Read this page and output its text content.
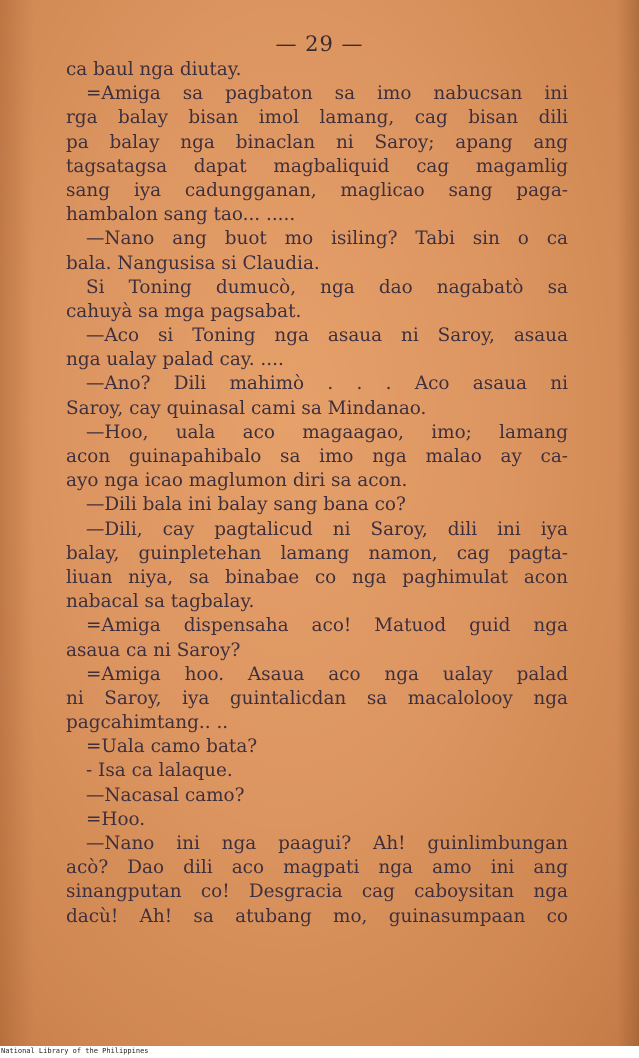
— 29 —
ca baul nga diutay.
=Amiga sa pagbaton sa imo nabucsan ini
rga balay bisan imol lamang, cag bisan dili
pa balay nga binaclan ni Saroy; apang ang
tagsatagsa dapat magbaliquid cag magamlig
sang iya cadungganan, maglicao sang paga-
hambalon sang tao... .....
—Nano ang buot mo isiling? Tabi sin o ca
bala. Nangusisa si Claudia.
Si Toning dumucò, nga dao nagabatò sa
cahuyà sa mga pagsabat.
—Aco si Toning nga asaua ni Saroy, asaua
nga ualay palad cay. ....
—Ano? Dili mahimò . . . Aco asaua ni
Saroy, cay quinasal cami sa Mindanao.
—Hoo, uala aco magaagao, imo; lamang
acon guinapahibalo sa imo nga malao ay ca-
ayo nga icao maglumon diri sa acon.
—Dili bala ini balay sang bana co?
—Dili, cay pagtalicud ni Saroy, dili ini iya
balay, guinpletehan lamang namon, cag pagta-
liuan niya, sa binabae co nga paghimulat acon
nabacal sa tagbalay.
=Amiga dispensaha aco! Matuod guid nga
asaua ca ni Saroy?
=Amiga hoo. Asaua aco nga ualay palad
ni Saroy, iya guintalicdan sa macalolooy nga
pagcahimtang.. ..
=Uala camo bata?
- Isa ca lalaque.
—Nacasal camo?
=Hoo.
—Nano ini nga paagui? Ah! guinlimbungan
acò? Dao dili aco magpati nga amo ini ang
sinangputan co! Desgracia cag caboysitan nga
dacù! Ah! sa atubang mo, guinasumpaan co
National Library of the Philippines
